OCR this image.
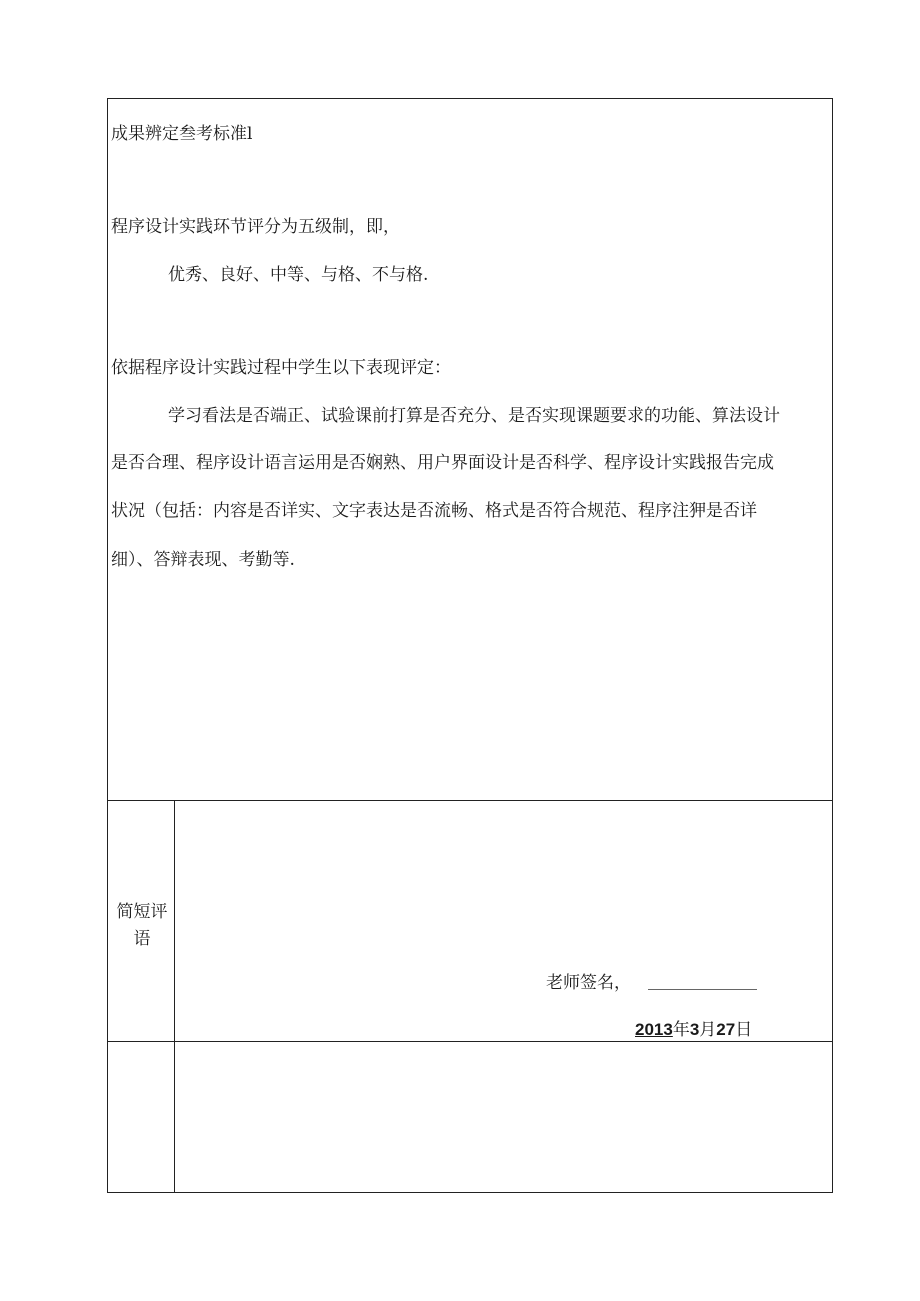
成果辨定叁考标准l
程序设计实践环节评分为五级制，即，
优秀、良好、中等、与格、不与格.
依据程序设计实践过程中学生以下表现评定：
学习看法是否端正、试验课前打算是否充分、是否实现课题要求的功能、算法设计
是否合理、程序设计语言运用是否娴熟、用户界面设计是否科学、程序设计实践报告完成
状况（包括：内容是否详实、文字表达是否流畅、格式是否符合规范、程序注狎是否详
细）、答辩表现、考勤等.
简短评语
老师签名，
2013年3月27日
